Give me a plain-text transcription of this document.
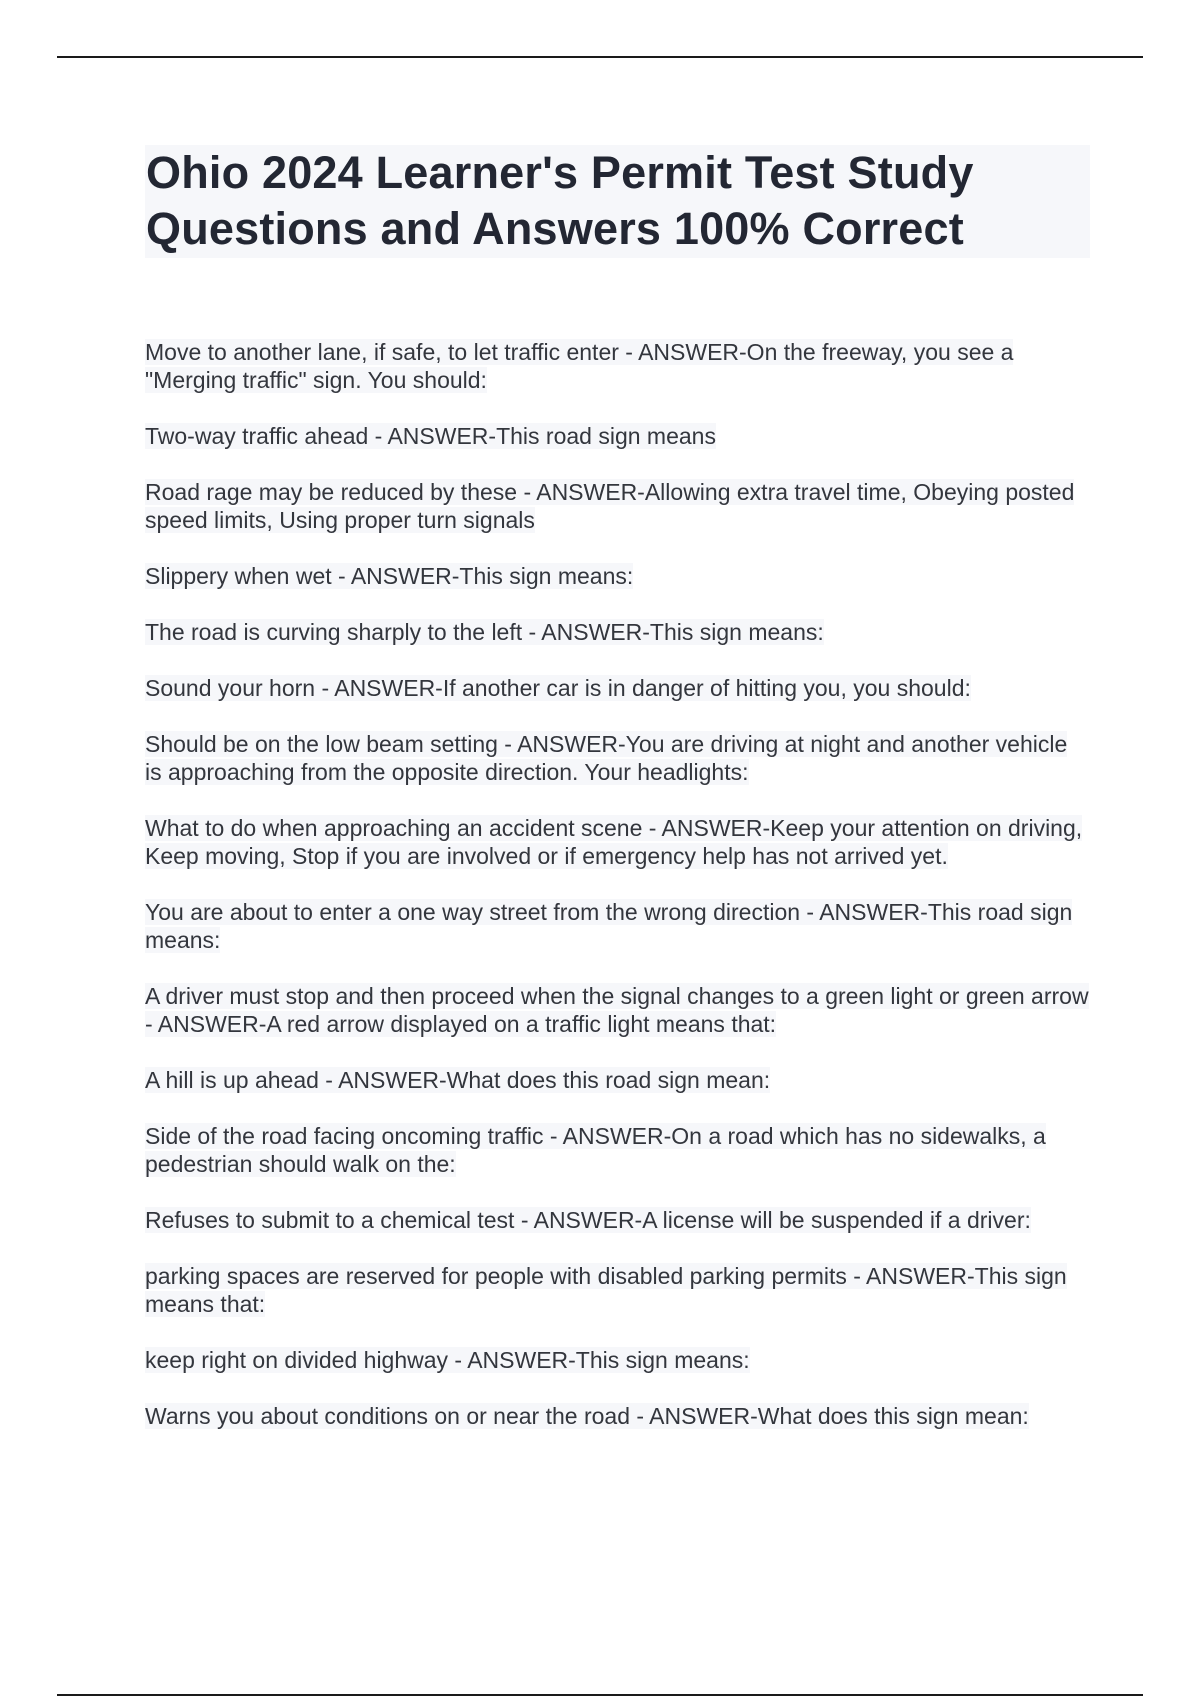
Ohio 2024 Learner's Permit Test Study Questions and Answers 100% Correct
Move to another lane, if safe, to let traffic enter - ANSWER-On the freeway, you see a "Merging traffic" sign. You should:
Two-way traffic ahead - ANSWER-This road sign means
Road rage may be reduced by these - ANSWER-Allowing extra travel time, Obeying posted speed limits, Using proper turn signals
Slippery when wet - ANSWER-This sign means:
The road is curving sharply to the left - ANSWER-This sign means:
Sound your horn - ANSWER-If another car is in danger of hitting you, you should:
Should be on the low beam setting - ANSWER-You are driving at night and another vehicle is approaching from the opposite direction. Your headlights:
What to do when approaching an accident scene - ANSWER-Keep your attention on driving, Keep moving, Stop if you are involved or if emergency help has not arrived yet.
You are about to enter a one way street from the wrong direction - ANSWER-This road sign means:
A driver must stop and then proceed when the signal changes to a green light or green arrow - ANSWER-A red arrow displayed on a traffic light means that:
A hill is up ahead - ANSWER-What does this road sign mean:
Side of the road facing oncoming traffic - ANSWER-On a road which has no sidewalks, a pedestrian should walk on the:
Refuses to submit to a chemical test - ANSWER-A license will be suspended if a driver:
parking spaces are reserved for people with disabled parking permits - ANSWER-This sign means that:
keep right on divided highway - ANSWER-This sign means:
Warns you about conditions on or near the road - ANSWER-What does this sign mean:
